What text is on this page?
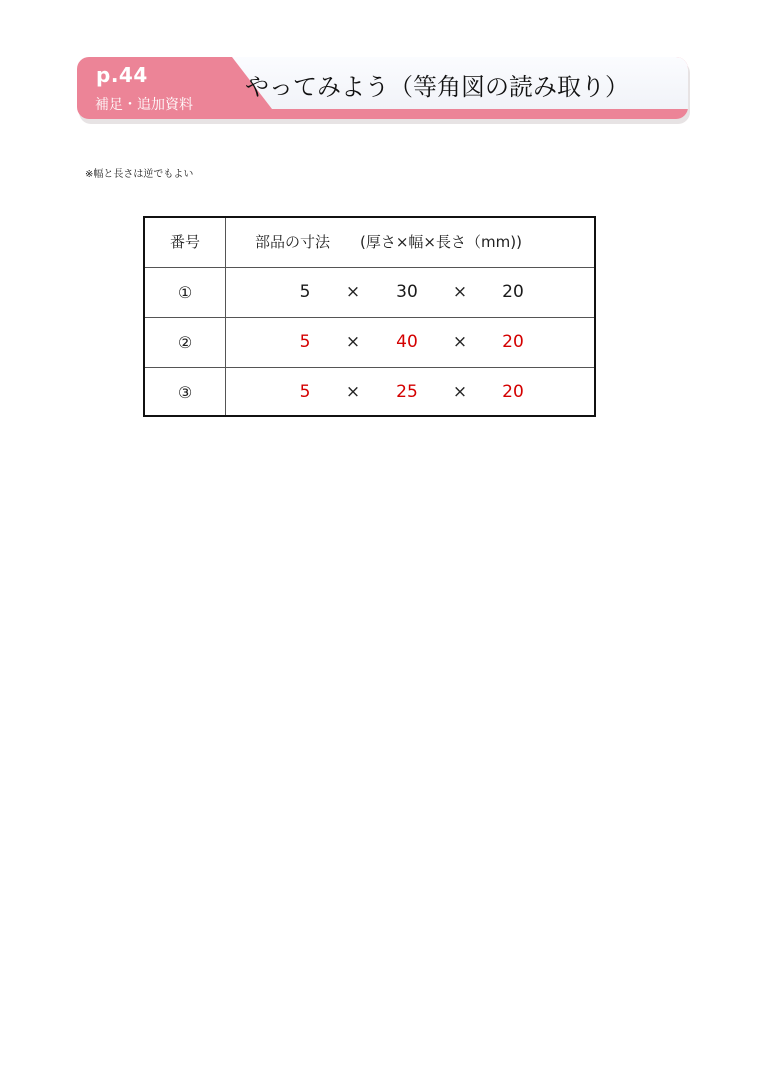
p.44
補足・追加資料
やってみよう（等角図の読み取り）
※幅と長さは逆でもよい
番号	部品の寸法　　(厚さ×幅×長さ（mm))
①	5	×	30	×	20
②	5	×	40	×	20
③	5	×	25	×	20
